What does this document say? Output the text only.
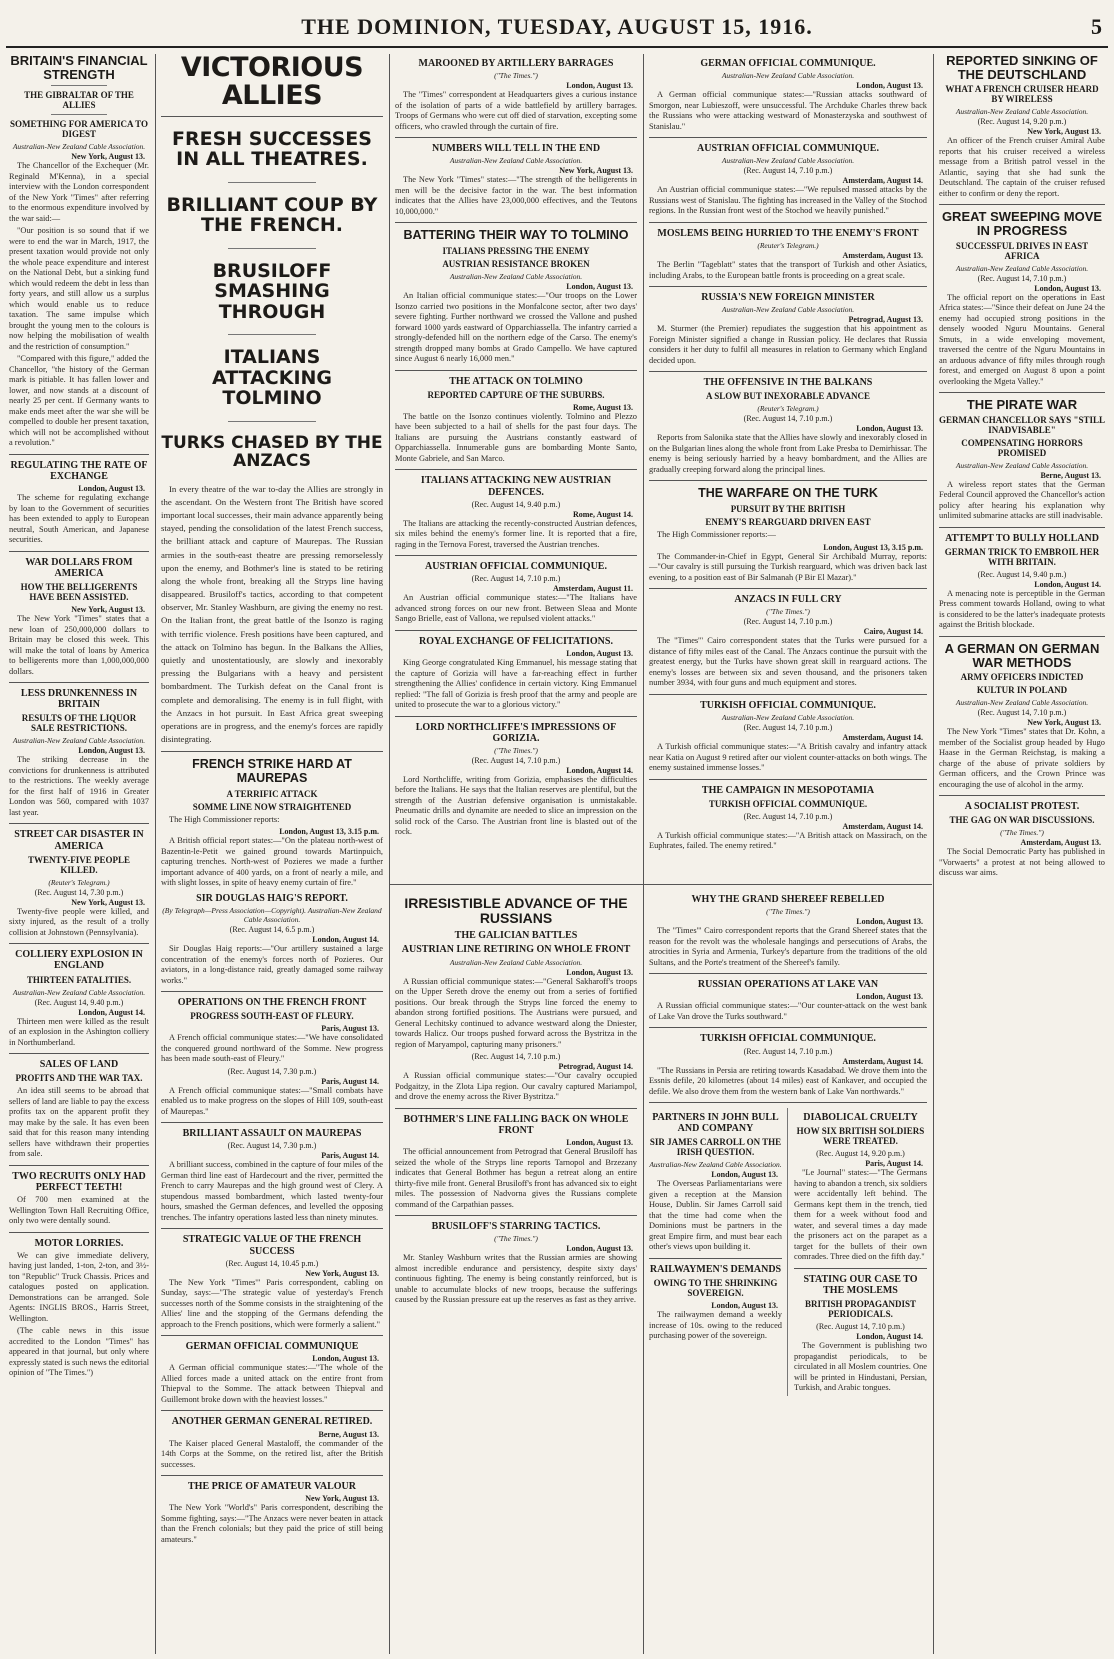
THE DOMINION, TUESDAY, AUGUST 15, 1916.	5
BRITAIN'S FINANCIAL STRENGTH
THE GIBRALTAR OF THE ALLIES
SOMETHING FOR AMERICA TO DIGEST
Australian-New Zealand Cable Association.
New York, August 13.

The Chancellor of the Exchequer (Mr. Reginald M'Kenna), in a special interview with the London correspondent of the New York "Times" after referring to the enormous expenditure involved by the war said:—

"Our position is so sound that if we were to end the war in March, 1917, the present taxation would provide not only the whole peace expenditure and interest on the National Debt, but a sinking fund which would redeem the debt in less than forty years, and still allow us a surplus which would enable us to reduce taxation. The same impulse which brought the young men to the colours is now helping the mobilisation of wealth and the restriction of consumption."

"Compared with this figure," added the Chancellor, "the history of the German mark is pitiable. It has fallen lower and lower, and now stands at a discount of nearly 25 per cent. If Germany wants to make ends meet after the war she will be compelled to double her present taxation, which will not be accomplished without a revolution."

REGULATING THE RATE OF EXCHANGE
London, August 13.

The scheme for regulating exchange by loan to the Government of securities has been extended to apply to European neutral, South American, and Japanese securities.

WAR DOLLARS FROM AMERICA
HOW THE BELLIGERENTS HAVE BEEN ASSISTED.
New York, August 13.

The New York "Times" states that a new loan of 250,000,000 dollars to Britain may be closed this week. This will make the total of loans by America to belligerents more than 1,000,000,000 dollars.

LESS DRUNKENNESS IN BRITAIN
RESULTS OF THE LIQUOR SALE RESTRICTIONS.
Australian-New Zealand Cable Association.
London, August 13.

The striking decrease in the convictions for drunkenness is attributed to the restrictions. The weekly average for the first half of 1916 in Greater London was 560, compared with 1037 last year.

STREET CAR DISASTER IN AMERICA
TWENTY-FIVE PEOPLE KILLED.
(Reuter's Telegram.)
(Rec. August 14, 7.30 p.m.)
New York, August 13.

Twenty-five people were killed, and sixty injured, as the result of a trolly collision at Johnstown (Pennsylvania).

COLLIERY EXPLOSION IN ENGLAND
THIRTEEN FATALITIES.
Australian-New Zealand Cable Association.
(Rec. August 14, 9.40 p.m.)
London, August 14.

Thirteen men were killed as the result of an explosion in the Ashington colliery in Northumberland.

SALES OF LAND
PROFITS AND THE WAR TAX.

An idea still seems to be abroad that sellers of land are liable to pay the excess profits tax on the apparent profit they may make by the sale. It has even been said that for this reason many intending sellers have withdrawn their properties from sale.

TWO RECRUITS ONLY HAD PERFECT TEETH!

Of 700 men examined at the Wellington Town Hall Recruiting Office, only two were dentally sound.

MOTOR LORRIES.

We can give immediate delivery, having just landed, 1-ton, 2-ton, and 3½-ton "Republic" Truck Chassis. Prices and catalogues posted on application. Demonstrations can be arranged. Sole Agents: INGLIS BROS., Harris Street, Wellington.

(The cable news in this issue accredited to the London "Times" has appeared in that journal, but only where expressly stated is such news the editorial opinion of "The Times.")

VICTORIOUS ALLIES
FRESH SUCCESSES IN ALL THEATRES.
BRILLIANT COUP BY THE FRENCH.
BRUSILOFF SMASHING THROUGH
ITALIANS ATTACKING TOLMINO
TURKS CHASED BY THE ANZACS

In every theatre of the war to-day the Allies are strongly in the ascendant. On the Western front The British have scored important local successes, their main advance apparently being stayed, pending the consolidation of the latest French success, the brilliant attack and capture of Maurepas. The Russian armies in the south-east theatre are pressing remorselessly upon the enemy, and Bothmer's line is stated to be retiring along the whole front, breaking all the Stryps line having disappeared. Brusiloff's tactics, according to that competent observer, Mr. Stanley Washburn, are giving the enemy no rest. On the Italian front, the great battle of the Isonzo is raging with terrific violence. Fresh positions have been captured, and the attack on Tolmino has begun. In the Balkans the Allies, quietly and unostentatiously, are slowly and inexorably pressing the Bulgarians with a heavy and persistent bombardment. The Turkish defeat on the Canal front is complete and demoralising. The enemy is in full flight, with the Anzacs in hot pursuit. In East Africa great sweeping operations are in progress, and the enemy's forces are rapidly disintegrating.

FRENCH STRIKE HARD AT MAUREPAS
A TERRIFIC ATTACK
SOMME LINE NOW STRAIGHTENED

The High Commissioner reports:

London, August 13, 3.15 p.m.

A British official report states:—"On the plateau north-west of Bazentin-le-Petit we gained ground towards Martinpuich, capturing trenches. North-west of Pozieres we made a further important advance of 400 yards, on a front of nearly a mile, and with slight losses, in spite of heavy enemy curtain of fire."

SIR DOUGLAS HAIG'S REPORT.
(By Telegraph—Press Association—Copyright). Australian-New Zealand Cable Association.
(Rec. August 14, 6.5 p.m.)
London, August 14.

Sir Douglas Haig reports:—"Our artillery sustained a large concentration of the enemy's forces north of Pozieres. Our aviators, in a long-distance raid, greatly damaged some railway works."

OPERATIONS ON THE FRENCH FRONT
PROGRESS SOUTH-EAST OF FLEURY.
Paris, August 13.

A French official communique states:—"We have consolidated the conquered ground northward of the Somme. New progress has been made south-east of Fleury."

(Rec. August 14, 7.30 p.m.)
Paris, August 14.

A French official communique states:—"Small combats have enabled us to make progress on the slopes of Hill 109, south-east of Maurepas."

BRILLIANT ASSAULT ON MAUREPAS
(Rec. August 14, 7.30 p.m.)
Paris, August 14.

A brilliant success, combined in the capture of four miles of the German third line east of Hardecourt and the river, permitted the French to carry Maurepas and the high ground west of Clery. A stupendous massed bombardment, which lasted twenty-four hours, smashed the German defences, and levelled the opposing trenches. The infantry operations lasted less than ninety minutes.

STRATEGIC VALUE OF THE FRENCH SUCCESS
(Rec. August 14, 10.45 p.m.)
New York, August 13.

The New York "Times'" Paris correspondent, cabling on Sunday, says:—"The strategic value of yesterday's French successes north of the Somme consists in the straightening of the Allies' line and the stopping of the Germans defending the approach to the French positions, which were formerly a salient."

GERMAN OFFICIAL COMMUNIQUE
London, August 13.

A German official communique states:—"The whole of the Allied forces made a united attack on the entire front from Thiepval to the Somme. The attack between Thiepval and Guillemont broke down with the heaviest losses."

ANOTHER GERMAN GENERAL RETIRED.
Berne, August 13.

The Kaiser placed General Mastaloff, the commander of the 14th Corps at the Somme, on the retired list, after the British successes.

THE PRICE OF AMATEUR VALOUR
New York, August 13.

The New York "World's" Paris correspondent, describing the Somme fighting, says:—"The Anzacs were never beaten in attack than the French colonials; but they paid the price of still being amateurs."

MAROONED BY ARTILLERY BARRAGES
("The Times.")
London, August 13.

The "Times" correspondent at Headquarters gives a curious instance of the isolation of parts of a wide battlefield by artillery barrages. Troops of Germans who were cut off died of starvation, excepting some officers, who crawled through the curtain of fire.

NUMBERS WILL TELL IN THE END
Australian-New Zealand Cable Association.
New York, August 13.

The New York "Times" states:—"The strength of the belligerents in men will be the decisive factor in the war. The best information indicates that the Allies have 23,000,000 effectives, and the Teutons 10,000,000."

BATTERING THEIR WAY TO TOLMINO
ITALIANS PRESSING THE ENEMY
AUSTRIAN RESISTANCE BROKEN
Australian-New Zealand Cable Association.
London, August 13.

An Italian official communique states:—"Our troops on the Lower Isonzo carried two positions in the Monfalcone sector, after two days' severe fighting. Further northward we crossed the Vallone and pushed forward 1000 yards eastward of Opparchiassella. The infantry carried a strongly-defended hill on the northern edge of the Carso. The enemy's strength dropped many bombs at Grado Campello. We have captured since August 6 nearly 16,000 men."

THE ATTACK ON TOLMINO
REPORTED CAPTURE OF THE SUBURBS.
Rome, August 13.

The battle on the Isonzo continues violently. Tolmino and Plezzo have been subjected to a hail of shells for the past four days. The Italians are pursuing the Austrians constantly eastward of Opparchiassella. Innumerable guns are bombarding Monte Santo, Monte Gabriele, and San Marco.

ITALIANS ATTACKING NEW AUSTRIAN DEFENCES.
(Rec. August 14, 9.40 p.m.)
Rome, August 14.

The Italians are attacking the recently-constructed Austrian defences, six miles behind the enemy's former line. It is reported that a fire, raging in the Ternova Forest, traversed the Austrian trenches.

AUSTRIAN OFFICIAL COMMUNIQUE.
(Rec. August 14, 7.10 p.m.)
Amsterdam, August 11.

An Austrian official communique states:—"The Italians have advanced strong forces on our new front. Between Sleaa and Monte Sango Brielle, east of Vallona, we repulsed violent attacks."

ROYAL EXCHANGE OF FELICITATIONS.
London, August 13.

King George congratulated King Emmanuel, his message stating that the capture of Gorizia will have a far-reaching effect in further strengthening the Allies' confidence in certain victory. King Emmanuel replied: "The fall of Gorizia is fresh proof that the army and people are united to prosecute the war to a glorious victory."

LORD NORTHCLIFFE'S IMPRESSIONS OF GORIZIA.
("The Times.")
(Rec. August 14, 7.10 p.m.)
London, August 14.

Lord Northcliffe, writing from Gorizia, emphasises the difficulties before the Italians. He says that the Italian reserves are plentiful, but the strength of the Austrian defensive organisation is unmistakable. Pneumatic drills and dynamite are needed to slice an impression on the solid rock of the Carso. The Austrian front line is blasted out of the rock.

GERMAN OFFICIAL COMMUNIQUE.
Australian-New Zealand Cable Association.
London, August 13.

A German official communique states:—"Russian attacks southward of Smorgon, near Lubieszoff, were unsuccessful. The Archduke Charles threw back the Russians who were attacking westward of Monasterzyska and southwest of Stanislau."

AUSTRIAN OFFICIAL COMMUNIQUE.
Australian-New Zealand Cable Association.
(Rec. August 14, 7.10 p.m.)
Amsterdam, August 14.

An Austrian official communique states:—"We repulsed massed attacks by the Russians west of Stanislau. The fighting has increased in the Valley of the Stochod regions. In the Russian front west of the Stochod we heavily punished."

MOSLEMS BEING HURRIED TO THE ENEMY'S FRONT
(Reuter's Telegram.)
Amsterdam, August 13.

The Berlin "Tageblatt" states that the transport of Turkish and other Asiatics, including Arabs, to the European battle fronts is proceeding on a great scale.

RUSSIA'S NEW FOREIGN MINISTER
Australian-New Zealand Cable Association.
Petrograd, August 13.

M. Sturmer (the Premier) repudiates the suggestion that his appointment as Foreign Minister signified a change in Russian policy. He declares that Russia considers it her duty to fulfil all measures in relation to Germany which England decided upon.

THE OFFENSIVE IN THE BALKANS
A SLOW BUT INEXORABLE ADVANCE
(Reuter's Telegram.)
(Rec. August 14, 7.10 p.m.)
London, August 13.

Reports from Salonika state that the Allies have slowly and inexorably closed in on the Bulgarian lines along the whole front from Lake Presba to Demirhissar. The enemy is being seriously harried by a heavy bombardment, and the Allies are gradually creeping forward along the principal lines.

THE WARFARE ON THE TURK
PURSUIT BY THE BRITISH
ENEMY'S REARGUARD DRIVEN EAST

The High Commissioner reports:—

London, August 13, 3.15 p.m.

The Commander-in-Chief in Egypt, General Sir Archibald Murray, reports:—"Our cavalry is still pursuing the Turkish rearguard, which was driven back last evening, to a position east of Bir Salmanah (P Bir El Mazar)."

ANZACS IN FULL CRY
("The Times.")
(Rec. August 14, 7.10 p.m.)
Cairo, August 14.

The "Times'" Cairo correspondent states that the Turks were pursued for a distance of fifty miles east of the Canal. The Anzacs continue the pursuit with the greatest energy, but the Turks have shown great skill in rearguard actions. The enemy's losses are between six and seven thousand, and the prisoners taken number 3934, with four guns and much equipment and stores.

TURKISH OFFICIAL COMMUNIQUE.
Australian-New Zealand Cable Association.
(Rec. August 14, 7.10 p.m.)
Amsterdam, August 14.

A Turkish official communique states:—"A British cavalry and infantry attack near Katia on August 9 retired after our violent counter-attacks on both wings. The enemy sustained immense losses."

THE CAMPAIGN IN MESOPOTAMIA
TURKISH OFFICIAL COMMUNIQUE.
(Rec. August 14, 7.10 p.m.)
Amsterdam, August 14.

A Turkish official communique states:—"A British attack on Massirach, on the Euphrates, failed. The enemy retired."

IRRESISTIBLE ADVANCE OF THE RUSSIANS
THE GALICIAN BATTLES
AUSTRIAN LINE RETIRING ON WHOLE FRONT
Australian-New Zealand Cable Association.
London, August 13.

A Russian official communique states:—"General Sakharoff's troops on the Upper Sereth drove the enemy out from a series of fortified positions. Our break through the Stryps line forced the enemy to abandon strong fortified positions. The Austrians were pursued, and General Lechitsky continued to advance westward along the Dniester, towards Halicz. Our troops pushed forward across the Bystritza in the region of Maryampol, capturing many prisoners."

(Rec. August 14, 7.10 p.m.)
Petrograd, August 14.

A Russian official communique states:—"Our cavalry occupied Podgaitzy, in the Zlota Lipa region. Our cavalry captured Mariampol, and drove the enemy across the River Bystritza."

BOTHMER'S LINE FALLING BACK ON WHOLE FRONT
London, August 13.

The official announcement from Petrograd that General Brusiloff has seized the whole of the Stryps line reports Tarnopol and Brzezany indicates that General Bothmer has begun a retreat along an entire thirty-five mile front. General Brusiloff's front has advanced six to eight miles. The possession of Nadvorna gives the Russians complete command of the Carpathian passes.

BRUSILOFF'S STARRING TACTICS.
("The Times.")
London, August 13.

Mr. Stanley Washburn writes that the Russian armies are showing almost incredible endurance and persistency, despite sixty days' continuous fighting. The enemy is being constantly reinforced, but is unable to accumulate blocks of new troops, because the sufferings caused by the Russian pressure eat up the reserves as fast as they arrive.

WHY THE GRAND SHEREEF REBELLED
("The Times.")
London, August 13.

The "Times'" Cairo correspondent reports that the Grand Shereef states that the reason for the revolt was the wholesale hangings and persecutions of Arabs, the atrocities in Syria and Armenia, Turkey's departure from the traditions of the old Sultans, and the Porte's treatment of the Shereef's family.

RUSSIAN OPERATIONS AT LAKE VAN
London, August 13.

A Russian official communique states:—"Our counter-attack on the west bank of Lake Van drove the Turks southward."

TURKISH OFFICIAL COMMUNIQUE.
(Rec. August 14, 7.10 p.m.)
Amsterdam, August 14.

"The Russians in Persia are retiring towards Kasadabad. We drove them into the Essnis defile, 20 kilometres (about 14 miles) east of Kankaver, and occupied the defile. We also drove them from the western bank of Lake Van northwards."

PARTNERS IN JOHN BULL AND COMPANY
SIR JAMES CARROLL ON THE IRISH QUESTION.
Australian-New Zealand Cable Association.
London, August 13.

The Overseas Parliamentarians were given a reception at the Mansion House, Dublin. Sir James Carroll said that the time had come when the Dominions must be partners in the great Empire firm, and must bear each other's views upon building it.

RAILWAYMEN'S DEMANDS
OWING TO THE SHRINKING SOVEREIGN.
London, August 13.

The railwaymen demand a weekly increase of 10s. owing to the reduced purchasing power of the sovereign.

DIABOLICAL CRUELTY
HOW SIX BRITISH SOLDIERS WERE TREATED.
(Rec. August 14, 9.20 p.m.)
Paris, August 14.

"Le Journal" states:—"The Germans having to abandon a trench, six soldiers were accidentally left behind. The Germans kept them in the trench, tied them for a week without food and water, and several times a day made the prisoners act on the parapet as a target for the bullets of their own comrades. Three died on the fifth day."

STATING OUR CASE TO THE MOSLEMS
BRITISH PROPAGANDIST PERIODICALS.
(Rec. August 14, 7.10 p.m.)
London, August 14.

The Government is publishing two propagandist periodicals, to be circulated in all Moslem countries. One will be printed in Hindustani, Persian, Turkish, and Arabic tongues.

REPORTED SINKING OF THE DEUTSCHLAND
WHAT A FRENCH CRUISER HEARD BY WIRELESS
Australian-New Zealand Cable Association.
(Rec. August 14, 9.20 p.m.)
New York, August 13.

An officer of the French cruiser Amiral Aube reports that his cruiser received a wireless message from a British patrol vessel in the Atlantic, saying that she had sunk the Deutschland. The captain of the cruiser refused either to confirm or deny the report.

GREAT SWEEPING MOVE IN PROGRESS
SUCCESSFUL DRIVES IN EAST AFRICA
Australian-New Zealand Cable Association.
(Rec. August 14, 7.10 p.m.)
London, August 13.

The official report on the operations in East Africa states:—"Since their defeat on June 24 the enemy had occupied strong positions in the densely wooded Nguru Mountains. General Smuts, in a wide enveloping movement, traversed the centre of the Nguru Mountains in an arduous advance of fifty miles through rough forest, and emerged on August 8 upon a point overlooking the Mgeta Valley."

THE PIRATE WAR
GERMAN CHANCELLOR SAYS "STILL INADVISABLE"
COMPENSATING HORRORS PROMISED
Australian-New Zealand Cable Association.
Berne, August 13.

A wireless report states that the German Federal Council approved the Chancellor's action policy after hearing his explanation why unlimited submarine attacks are still inadvisable.

ATTEMPT TO BULLY HOLLAND
GERMAN TRICK TO EMBROIL HER WITH BRITAIN.
(Rec. August 14, 9.40 p.m.)
London, August 14.

A menacing note is perceptible in the German Press comment towards Holland, owing to what is considered to be the latter's inadequate protests against the British blockade.

A GERMAN ON GERMAN WAR METHODS
ARMY OFFICERS INDICTED
KULTUR IN POLAND
Australian-New Zealand Cable Association.
(Rec. August 14, 7.10 p.m.)
New York, August 13.

The New York "Times" states that Dr. Kohn, a member of the Socialist group headed by Hugo Haase in the German Reichstag, is making a charge of the abuse of private soldiers by German officers, and the Crown Prince was encouraging the use of alcohol in the army.

A SOCIALIST PROTEST.
THE GAG ON WAR DISCUSSIONS.
("The Times.")
Amsterdam, August 13.

The Social Democratic Party has published in "Vorwaerts" a protest at not being allowed to discuss war aims.
